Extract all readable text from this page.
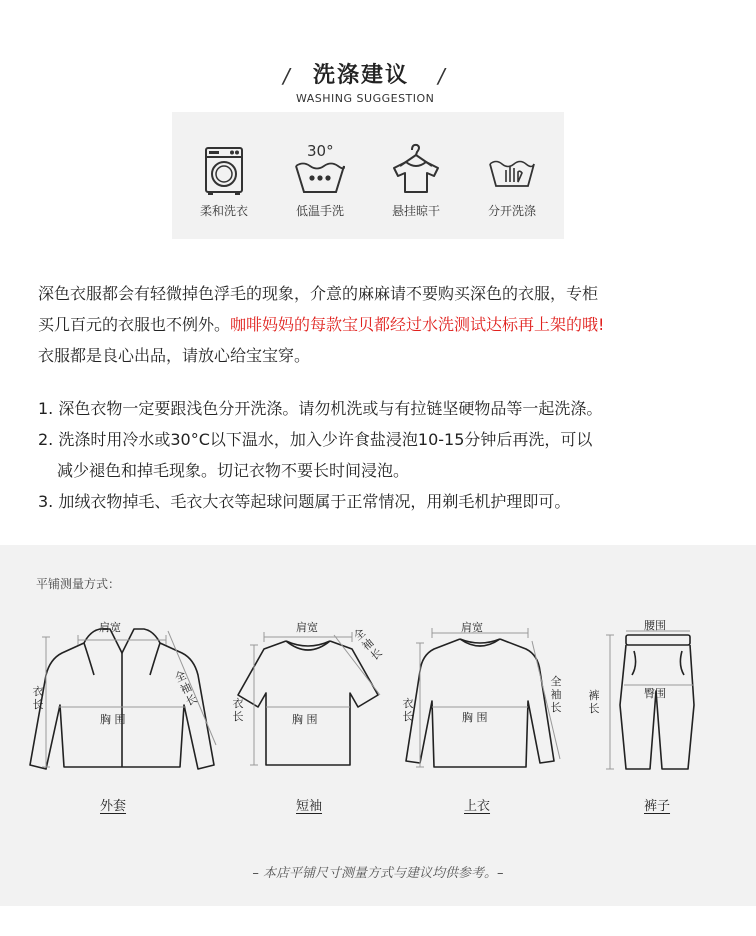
/ 洗涤建议 /
WASHING SUGGESTION
柔和洗衣
30°
低温手洗	悬挂晾干	分开洗涤
深色衣服都会有轻微掉色浮毛的现象，介意的麻麻请不要购买深色的衣服，专柜
买几百元的衣服也不例外。咖啡妈妈的每款宝贝都经过水洗测试达标再上架的哦!
衣服都是良心出品，请放心给宝宝穿。
1. 深色衣物一定要跟浅色分开洗涤。请勿机洗或与有拉链坚硬物品等一起洗涤。
2. 洗涤时用冷水或30°C以下温水，加入少许食盐浸泡10-15分钟后再洗，可以
减少褪色和掉毛现象。切记衣物不要长时间浸泡。
3. 加绒衣物掉毛、毛衣大衣等起球问题属于正常情况，用剃毛机护理即可。
平铺测量方式：
肩宽
胸 围
衣长
全袖长
外套
肩宽
胸 围
衣长
全袖长
短袖
肩宽
胸 围
衣长
全袖长
上衣
腰围
臀围
裤长
裤子
– 本店平铺尺寸测量方式与建议均供参考。–
